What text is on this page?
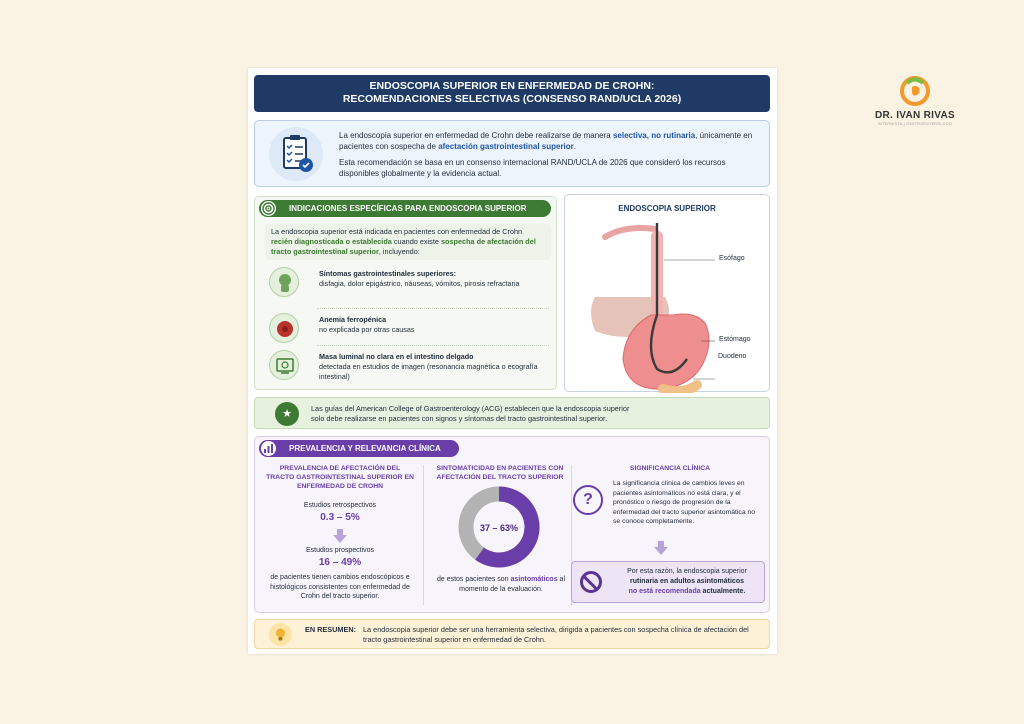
DR. IVAN RIVAS
INTERNISTA | GASTROENTERÓLOGO
ENDOSCOPIA SUPERIOR EN ENFERMEDAD DE CROHN:
RECOMENDACIONES SELECTIVAS (CONSENSO RAND/UCLA 2026)

La endoscopia superior en enfermedad de Crohn debe realizarse de manera selectiva, no rutinaria, únicamente en pacientes con sospecha de afectación gastrointestinal superior.

Esta recomendación se basa en un consenso internacional RAND/UCLA de 2026 que consideró los recursos disponibles globalmente y la evidencia actual.

INDICACIONES ESPECÍFICAS PARA ENDOSCOPIA SUPERIOR
La endoscopia superior está indicada en pacientes con enfermedad de Crohn recién diagnosticada o establecida cuando existe sospecha de afectación del tracto gastrointestinal superior, incluyendo:
Síntomas gastrointestinales superiores:
disfagia, dolor epigástrico, náuseas, vómitos, pirosis refractaria
Anemia ferropénica
no explicada por otras causas
Masa luminal no clara en el intestino delgado
detectada en estudios de imagen (resonancia magnética o ecografía intestinal)
ENDOSCOPIA SUPERIOR
Esófago
Estómago
Duodeno
★	Las guías del American College of Gastroenterology (ACG) establecen que la endoscopia superior
solo debe realizarse en pacientes con signos y síntomas del tracto gastrointestinal superior.
PREVALENCIA Y RELEVANCIA CLÍNICA
PREVALENCIA DE AFECTACIÓN DEL TRACTO GASTROINTESTINAL SUPERIOR EN ENFERMEDAD DE CROHN
Estudios retrospectivos
0.3 – 5%
Estudios prospectivos
16 – 49%
de pacientes tienen cambios endoscópicos e histológicos consistentes con enfermedad de Crohn del tracto superior.
SINTOMATICIDAD EN PACIENTES CON AFECTACIÓN DEL TRACTO SUPERIOR
37 – 63%
de estos pacientes son asintomáticos al momento de la evaluación.
SIGNIFICANCIA CLÍNICA
?
La significancia clínica de cambios leves en pacientes asintomáticos no está clara, y el pronóstico o riesgo de progresión de la enfermedad del tracto superior asintomática no se conoce completamente.
Por esta razón, la endoscopia superior rutinaria en adultos asintomáticos
no está recomendada actualmente.
EN RESUMEN: La endoscopia superior debe ser una herramienta selectiva, dirigida a pacientes con sospecha clínica de afectación del tracto gastrointestinal superior en enfermedad de Crohn.
